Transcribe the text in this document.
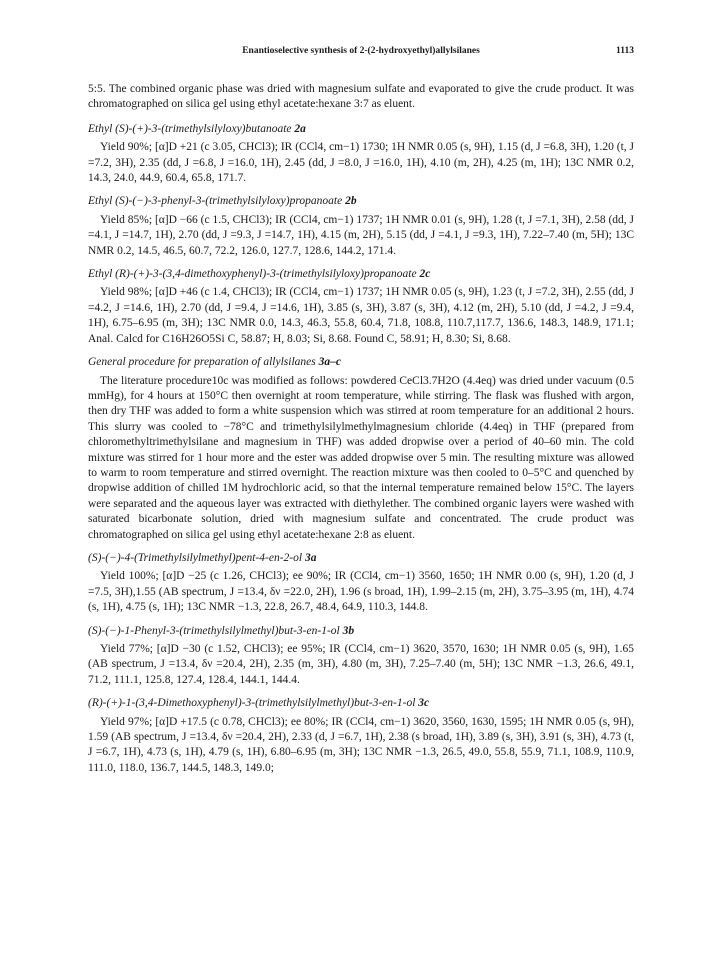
Enantioselective synthesis of 2-(2-hydroxyethyl)allylsilanes	1113

5:5. The combined organic phase was dried with magnesium sulfate and evaporated to give the crude product. It was chromatographed on silica gel using ethyl acetate:hexane 3:7 as eluent.

Ethyl (S)-(+)-3-(trimethylsilyloxy)butanoate 2a

Yield 90%; [α]D +21 (c 3.05, CHCl3); IR (CCl4, cm−1) 1730; 1H NMR 0.05 (s, 9H), 1.15 (d, J =6.8, 3H), 1.20 (t, J =7.2, 3H), 2.35 (dd, J =6.8, J =16.0, 1H), 2.45 (dd, J =8.0, J =16.0, 1H), 4.10 (m, 2H), 4.25 (m, 1H); 13C NMR 0.2, 14.3, 24.0, 44.9, 60.4, 65.8, 171.7.

Ethyl (S)-(−)-3-phenyl-3-(trimethylsilyloxy)propanoate 2b

Yield 85%; [α]D −66 (c 1.5, CHCl3); IR (CCl4, cm−1) 1737; 1H NMR 0.01 (s, 9H), 1.28 (t, J =7.1, 3H), 2.58 (dd, J =4.1, J =14.7, 1H), 2.70 (dd, J =9.3, J =14.7, 1H), 4.15 (m, 2H), 5.15 (dd, J =4.1, J =9.3, 1H), 7.22–7.40 (m, 5H); 13C NMR 0.2, 14.5, 46.5, 60.7, 72.2, 126.0, 127.7, 128.6, 144.2, 171.4.

Ethyl (R)-(+)-3-(3,4-dimethoxyphenyl)-3-(trimethylsilyloxy)propanoate 2c

Yield 98%; [α]D +46 (c 1.4, CHCl3); IR (CCl4, cm−1) 1737; 1H NMR 0.05 (s, 9H), 1.23 (t, J =7.2, 3H), 2.55 (dd, J =4.2, J =14.6, 1H), 2.70 (dd, J =9.4, J =14.6, 1H), 3.85 (s, 3H), 3.87 (s, 3H), 4.12 (m, 2H), 5.10 (dd, J =4.2, J =9.4, 1H), 6.75–6.95 (m, 3H); 13C NMR 0.0, 14.3, 46.3, 55.8, 60.4, 71.8, 108.8, 110.7,117.7, 136.6, 148.3, 148.9, 171.1; Anal. Calcd for C16H26O5Si C, 58.87; H, 8.03; Si, 8.68. Found C, 58.91; H, 8.30; Si, 8.68.

General procedure for preparation of allylsilanes 3a–c

The literature procedure10c was modified as follows: powdered CeCl3.7H2O (4.4eq) was dried under vacuum (0.5 mmHg), for 4 hours at 150°C then overnight at room temperature, while stirring. The flask was flushed with argon, then dry THF was added to form a white suspension which was stirred at room temperature for an additional 2 hours. This slurry was cooled to −78°C and trimethylsilylmethylmagnesium chloride (4.4eq) in THF (prepared from chloromethyltrimethylsilane and magnesium in THF) was added dropwise over a period of 40–60 min. The cold mixture was stirred for 1 hour more and the ester was added dropwise over 5 min. The resulting mixture was allowed to warm to room temperature and stirred overnight. The reaction mixture was then cooled to 0–5°C and quenched by dropwise addition of chilled 1M hydrochloric acid, so that the internal temperature remained below 15°C. The layers were separated and the aqueous layer was extracted with diethylether. The combined organic layers were washed with saturated bicarbonate solution, dried with magnesium sulfate and concentrated. The crude product was chromatographed on silica gel using ethyl acetate:hexane 2:8 as eluent.

(S)-(−)-4-(Trimethylsilylmethyl)pent-4-en-2-ol 3a

Yield 100%; [α]D −25 (c 1.26, CHCl3); ee 90%; IR (CCl4, cm−1) 3560, 1650; 1H NMR 0.00 (s, 9H), 1.20 (d, J =7.5, 3H),1.55 (AB spectrum, J =13.4, δν =22.0, 2H), 1.96 (s broad, 1H), 1.99–2.15 (m, 2H), 3.75–3.95 (m, 1H), 4.74 (s, 1H), 4.75 (s, 1H); 13C NMR −1.3, 22.8, 26.7, 48.4, 64.9, 110.3, 144.8.

(S)-(−)-1-Phenyl-3-(trimethylsilylmethyl)but-3-en-1-ol 3b

Yield 77%; [α]D −30 (c 1.52, CHCl3); ee 95%; IR (CCl4, cm−1) 3620, 3570, 1630; 1H NMR 0.05 (s, 9H), 1.65 (AB spectrum, J =13.4, δν =20.4, 2H), 2.35 (m, 3H), 4.80 (m, 3H), 7.25–7.40 (m, 5H); 13C NMR −1.3, 26.6, 49.1, 71.2, 111.1, 125.8, 127.4, 128.4, 144.1, 144.4.

(R)-(+)-1-(3,4-Dimethoxyphenyl)-3-(trimethylsilylmethyl)but-3-en-1-ol 3c

Yield 97%; [α]D +17.5 (c 0.78, CHCl3); ee 80%; IR (CCl4, cm−1) 3620, 3560, 1630, 1595; 1H NMR 0.05 (s, 9H), 1.59 (AB spectrum, J =13.4, δν =20.4, 2H), 2.33 (d, J =6.7, 1H), 2.38 (s broad, 1H), 3.89 (s, 3H), 3.91 (s, 3H), 4.73 (t, J =6.7, 1H), 4.73 (s, 1H), 4.79 (s, 1H), 6.80–6.95 (m, 3H); 13C NMR −1.3, 26.5, 49.0, 55.8, 55.9, 71.1, 108.9, 110.9, 111.0, 118.0, 136.7, 144.5, 148.3, 149.0;
